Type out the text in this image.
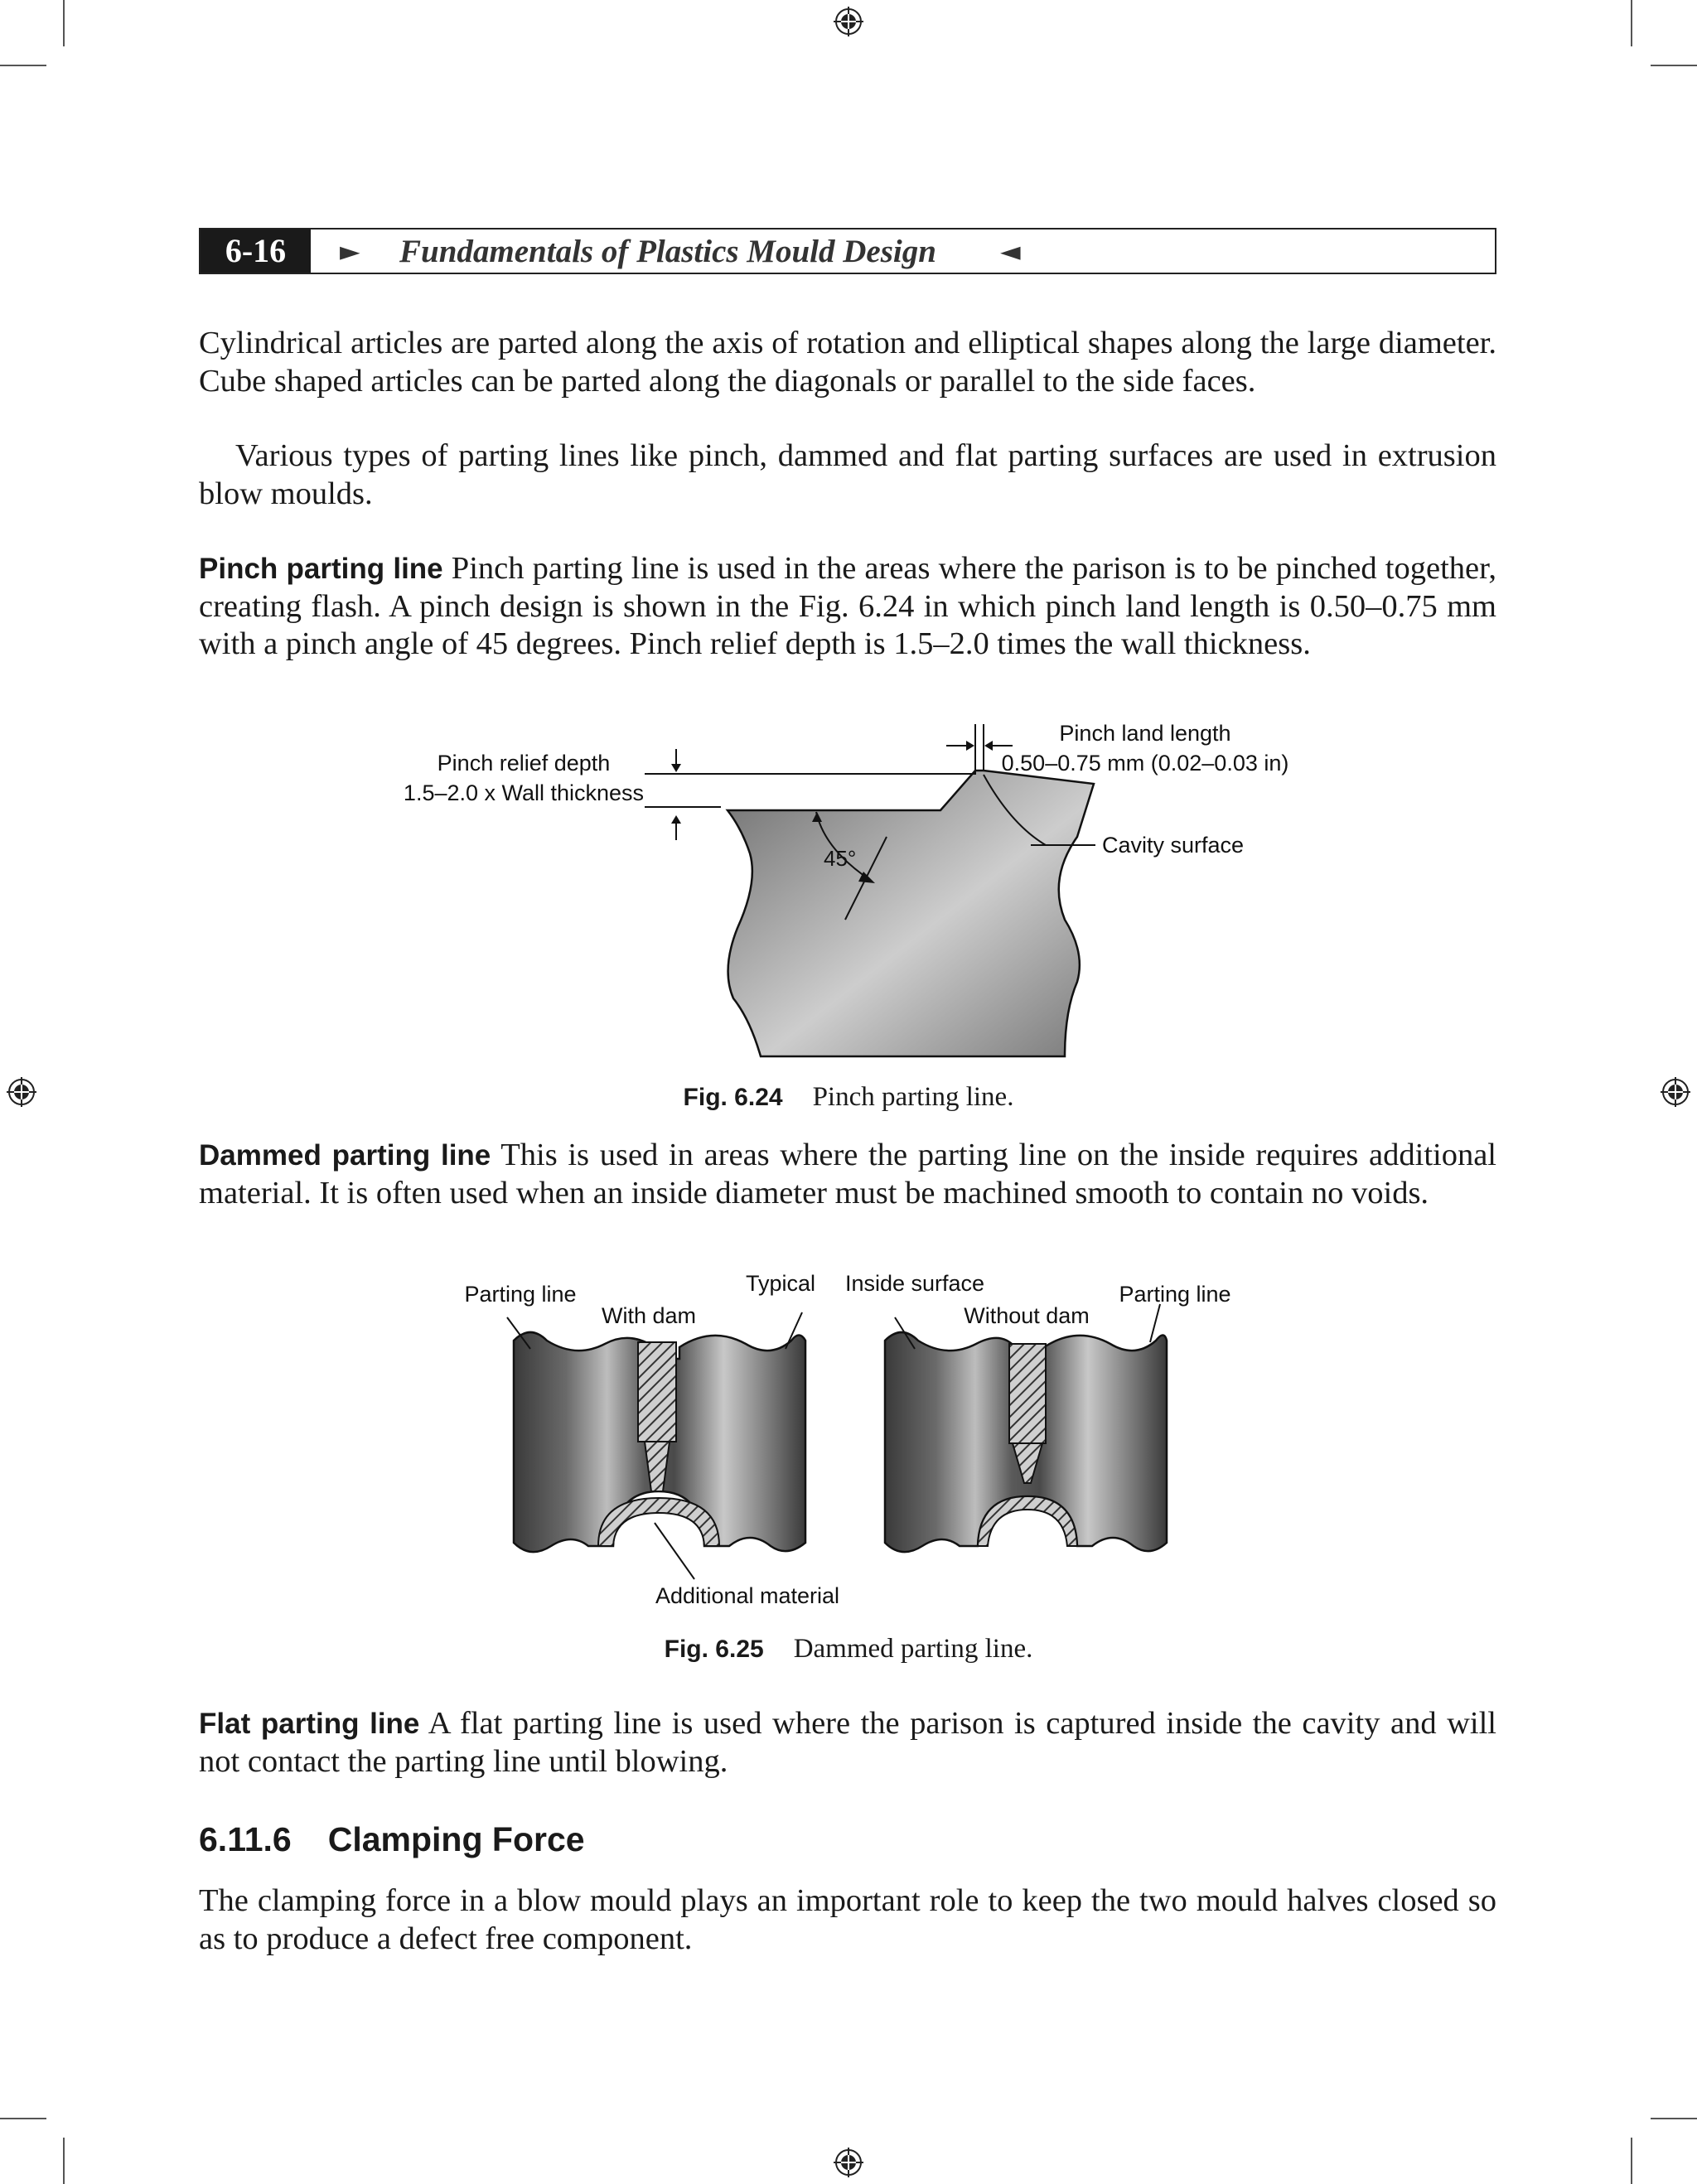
6-16	► Fundamentals of Plastics Mould Design ◄

Cylindrical articles are parted along the axis of rotation and elliptical shapes along the large diameter. Cube shaped articles can be parted along the diagonals or parallel to the side faces.

Various types of parting lines like pinch, dammed and flat parting surfaces are used in extrusion blow moulds.

Pinch parting line Pinch parting line is used in the areas where the parison is to be pinched together, creating flash. A pinch design is shown in the Fig. 6.24 in which pinch land length is 0.50–0.75 mm with a pinch angle of 45 degrees. Pinch relief depth is 1.5–2.0 times the wall thickness.

Pinch relief depth
1.5–2.0 x Wall thickness
Pinch land length
0.50–0.75 mm (0.02–0.03 in)
45°
Cavity surface
Fig. 6.24 Pinch parting line.

Dammed parting line This is used in areas where the parting line on the inside requires additional material. It is often used when an inside diameter must be machined smooth to contain no voids.

Parting line
With dam
Typical Inside surface
Without dam
Parting line
Additional material
Fig. 6.25 Dammed parting line.

Flat parting line A flat parting line is used where the parison is captured inside the cavity and will not contact the parting line until blowing.

6.11.6 Clamping Force

The clamping force in a blow mould plays an important role to keep the two mould halves closed so as to produce a defect free component.
